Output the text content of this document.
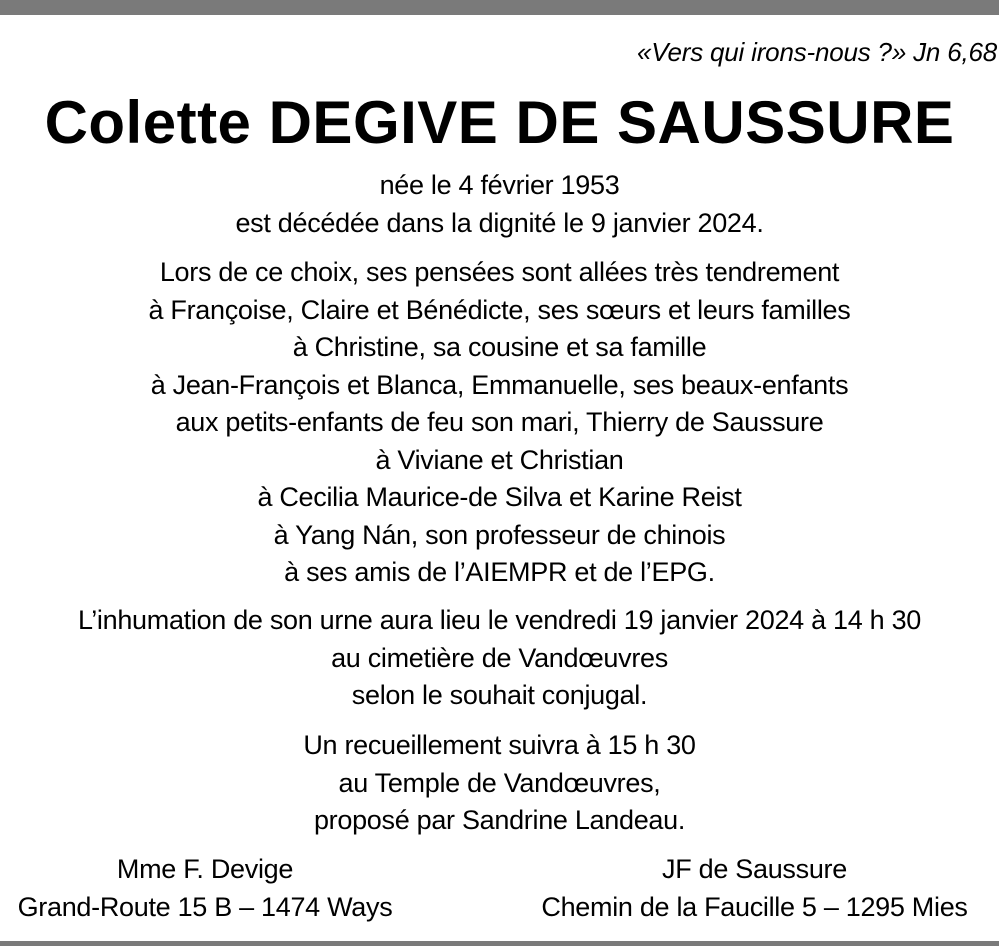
«Vers qui irons-nous ?» Jn 6,68
Colette DEGIVE DE SAUSSURE
née le 4 février 1953
est décédée dans la dignité le 9 janvier 2024.
Lors de ce choix, ses pensées sont allées très tendrement
à Françoise, Claire et Bénédicte, ses sœurs et leurs familles
à Christine, sa cousine et sa famille
à Jean-François et Blanca, Emmanuelle, ses beaux-enfants
aux petits-enfants de feu son mari, Thierry de Saussure
à Viviane et Christian
à Cecilia Maurice-de Silva et Karine Reist
à Yang Nán, son professeur de chinois
à ses amis de l’AIEMPR et de l’EPG.
L’inhumation de son urne aura lieu le vendredi 19 janvier 2024 à 14 h 30
au cimetière de Vandœuvres
selon le souhait conjugal.
Un recueillement suivra à 15 h 30
au Temple de Vandœuvres,
proposé par Sandrine Landeau.
Mme F. Devige
Grand-Route 15 B – 1474 Ways
JF de Saussure
Chemin de la Faucille 5 – 1295 Mies
